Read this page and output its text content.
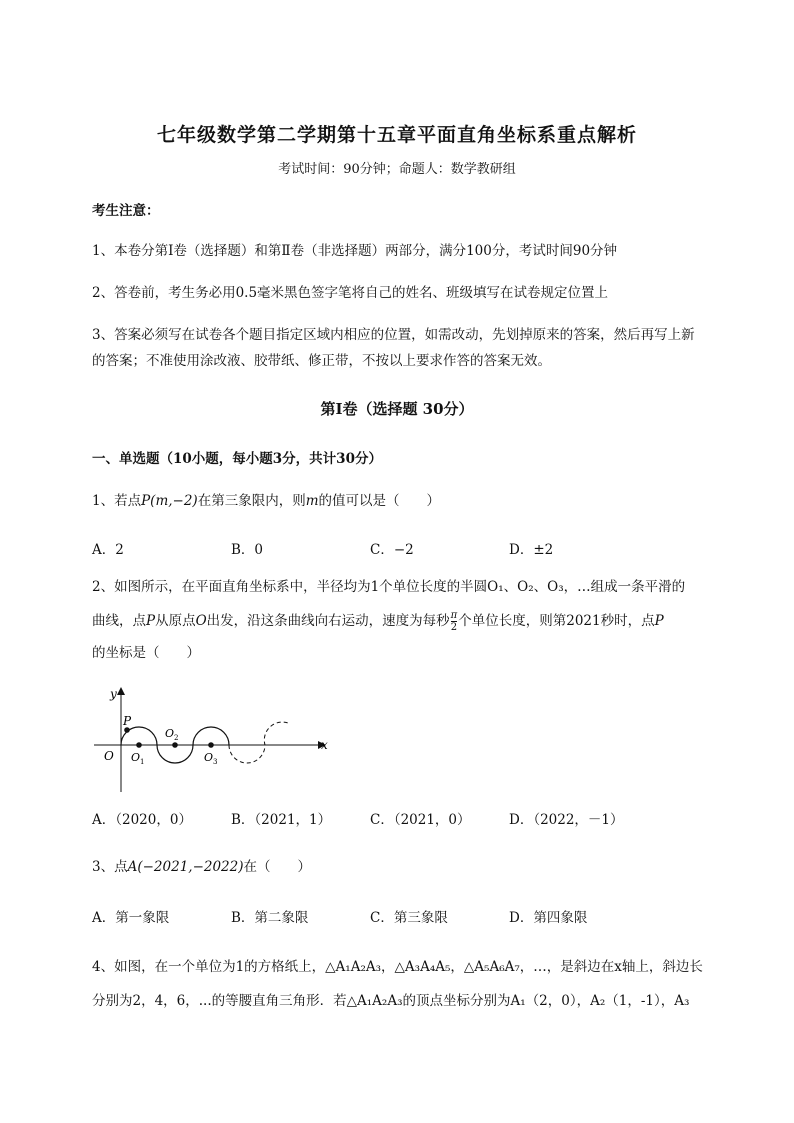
七年级数学第二学期第十五章平面直角坐标系重点解析
考试时间：90分钟；命题人：数学教研组
考生注意：
1、本卷分第I卷（选择题）和第Ⅱ卷（非选择题）两部分，满分100分，考试时间90分钟
2、答卷前，考生务必用0.5毫米黑色签字笔将自己的姓名、班级填写在试卷规定位置上
3、答案必须写在试卷各个题目指定区域内相应的位置，如需改动，先划掉原来的答案，然后再写上新
的答案；不准使用涂改液、胶带纸、修正带，不按以上要求作答的答案无效。
第I卷（选择题 30分）
一、单选题（10小题，每小题3分，共计30分）
1、若点P(m,−2)在第三象限内，则m的值可以是（　　）
A．2	B．0	C．−2	D．±2
2、如图所示，在平面直角坐标系中，半径均为1个单位长度的半圆O₁、O₂、O₃，…组成一条平滑的
曲线，点P从原点O出发，沿这条曲线向右运动，速度为每秒 $\frac{\pi}{2}$ 个单位长度，则第2021秒时，点P
的坐标是（　　）
y
x
O
P
O 1
O 2
O 3
A．（2020，0）	B．（2021，1）	C．（2021，0）	D．（2022，－1）
3、点A(−2021,−2022)在（　　）
A．第一象限	B．第二象限	C．第三象限	D．第四象限
4、如图，在一个单位为1的方格纸上，△A₁A₂A₃，△A₃A₄A₅，△A₅A₆A₇，…，是斜边在x轴上，斜边长
分别为2，4，6，...的等腰直角三角形．若△A₁A₂A₃的顶点坐标分别为A₁（2，0），A₂（1，-1），A₃
